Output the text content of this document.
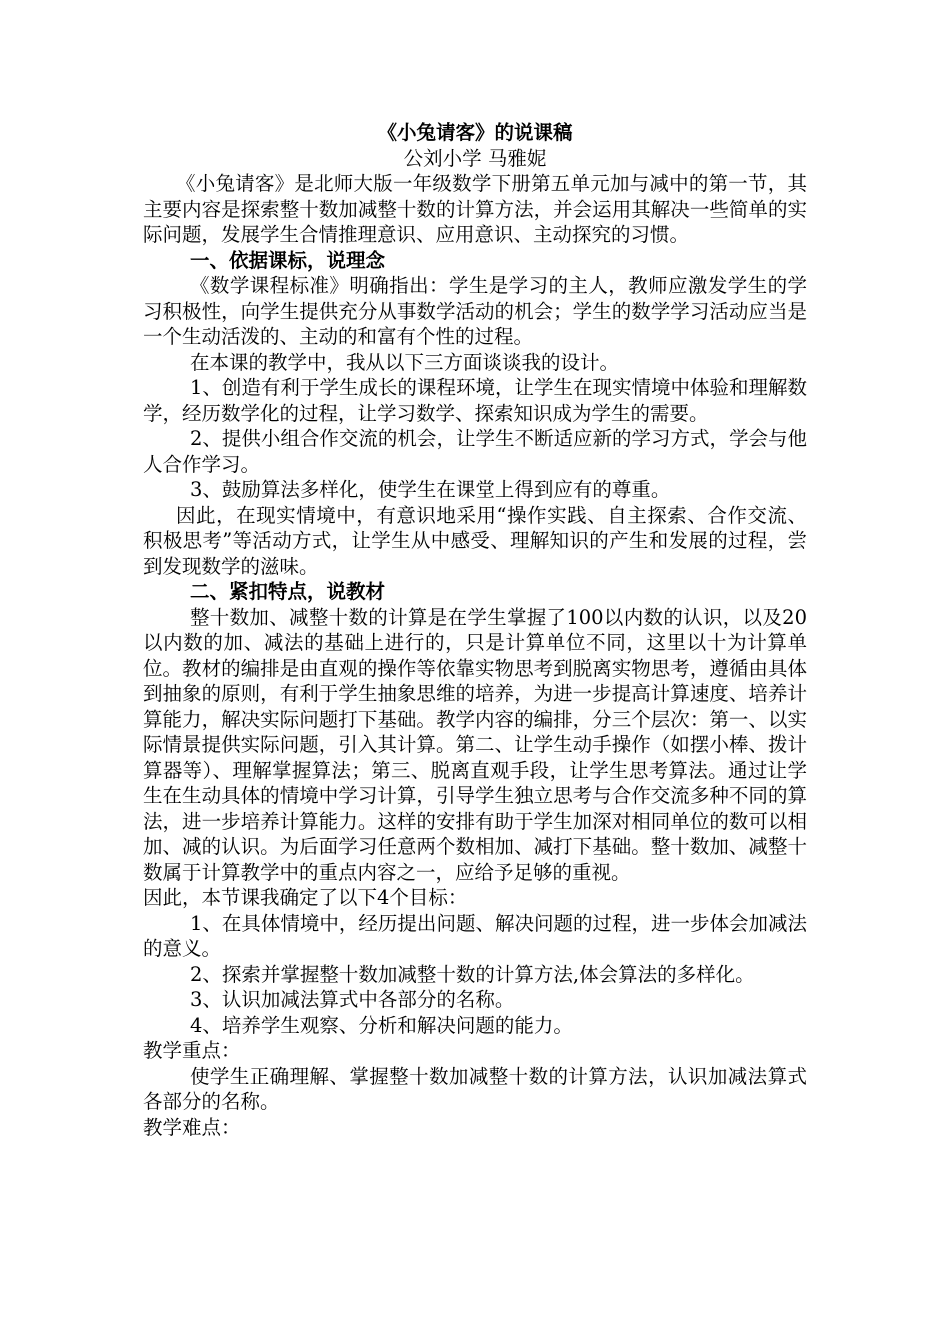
《小兔请客》的说课稿

公刘小学 马雅妮

《小兔请客》是北师大版一年级数学下册第五单元加与减中的第一节，其主要内容是探索整十数加减整十数的计算方法，并会运用其解决一些简单的实际问题，发展学生合情推理意识、应用意识、主动探究的习惯。

一、依据课标，说理念

《数学课程标准》明确指出：学生是学习的主人，教师应激发学生的学习积极性，向学生提供充分从事数学活动的机会；学生的数学学习活动应当是一个生动活泼的、主动的和富有个性的过程。

在本课的教学中，我从以下三方面谈谈我的设计。

1、创造有利于学生成长的课程环境，让学生在现实情境中体验和理解数学，经历数学化的过程，让学习数学、探索知识成为学生的需要。

2、提供小组合作交流的机会，让学生不断适应新的学习方式，学会与他人合作学习。

3、鼓励算法多样化，使学生在课堂上得到应有的尊重。

因此，在现实情境中，有意识地采用“操作实践、自主探索、合作交流、积极思考”等活动方式，让学生从中感受、理解知识的产生和发展的过程，尝到发现数学的滋味。

二、紧扣特点，说教材

整十数加、减整十数的计算是在学生掌握了100以内数的认识，以及20以内数的加、减法的基础上进行的，只是计算单位不同，这里以十为计算单位。教材的编排是由直观的操作等依靠实物思考到脱离实物思考，遵循由具体到抽象的原则，有利于学生抽象思维的培养，为进一步提高计算速度、培养计算能力，解决实际问题打下基础。教学内容的编排，分三个层次：第一、以实际情景提供实际问题，引入其计算。第二、让学生动手操作（如摆小棒、拨计算器等）、理解掌握算法；第三、脱离直观手段，让学生思考算法。通过让学生在生动具体的情境中学习计算，引导学生独立思考与合作交流多种不同的算法，进一步培养计算能力。这样的安排有助于学生加深对相同单位的数可以相加、减的认识。为后面学习任意两个数相加、减打下基础。整十数加、减整十数属于计算教学中的重点内容之一，应给予足够的重视。

因此，本节课我确定了以下4个目标：

1、在具体情境中，经历提出问题、解决问题的过程，进一步体会加减法的意义。

2、探索并掌握整十数加减整十数的计算方法,体会算法的多样化。

3、认识加减法算式中各部分的名称。

4、培养学生观察、分析和解决问题的能力。

教学重点：

使学生正确理解、掌握整十数加减整十数的计算方法，认识加减法算式各部分的名称。

教学难点：
